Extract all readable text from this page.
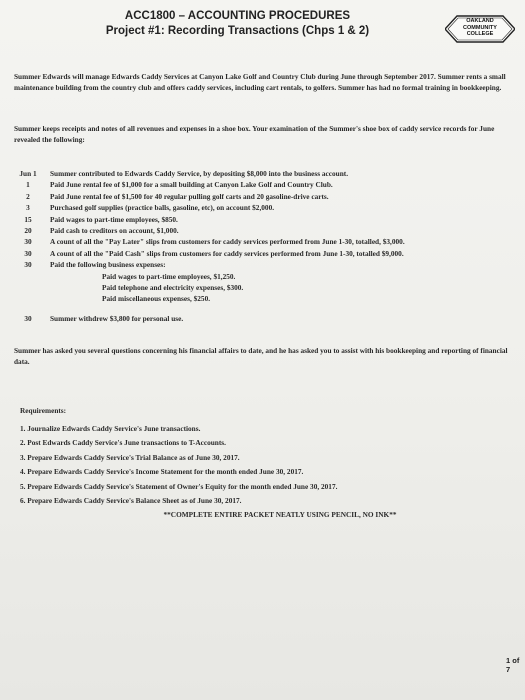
ACC1800 – ACCOUNTING PROCEDURES
Project #1: Recording Transactions (Chps 1 & 2)
OAKLAND
COMMUNITY
COLLEGE
Summer Edwards will manage Edwards Caddy Services at Canyon Lake Golf and Country Club during June through September 2017. Summer rents a small maintenance building from the country club and offers caddy services, including cart rentals, to golfers. Summer has had no formal training in bookkeeping.
Summer keeps receipts and notes of all revenues and expenses in a shoe box. Your examination of the Summer's shoe box of caddy service records for June revealed the following:
Jun 1	Summer contributed to Edwards Caddy Service, by depositing $8,000 into the business account.
1	Paid June rental fee of $1,000 for a small building at Canyon Lake Golf and Country Club.
2	Paid June rental fee of $1,500 for 40 regular pulling golf carts and 20 gasoline-drive carts.
3	Purchased golf supplies (practice balls, gasoline, etc), on account $2,000.
15	Paid wages to part-time employees, $850.
20	Paid cash to creditors on account, $1,000.
30	A count of all the "Pay Later" slips from customers for caddy services performed from June 1-30, totalled, $3,000.
30	A count of all the "Paid Cash" slips from customers for caddy services performed from June 1-30, totalled $9,000.
30	Paid the following business expenses:
Paid wages to part-time employees, $1,250.
Paid telephone and electricity expenses, $300.
Paid miscellaneous expenses, $250.
30	Summer withdrew $3,800 for personal use.
Summer has asked you several questions concerning his financial affairs to date, and he has asked you to assist with his bookkeeping and reporting of financial data.
Requirements:
1. Journalize Edwards Caddy Service's June transactions.
2. Post Edwards Caddy Service's June transactions to T-Accounts.
3. Prepare Edwards Caddy Service's Trial Balance as of June 30, 2017.
4. Prepare Edwards Caddy Service's Income Statement for the month ended June 30, 2017.
5. Prepare Edwards Caddy Service's Statement of Owner's Equity for the month ended June 30, 2017.
6. Prepare Edwards Caddy Service's Balance Sheet as of June 30, 2017.
**COMPLETE ENTIRE PACKET NEATLY USING PENCIL, NO INK**
1 of 7
